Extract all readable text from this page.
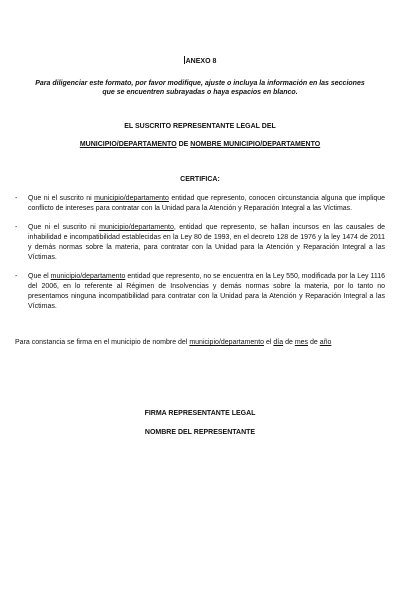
ANEXO 8
Para diligenciar este formato, por favor modifique, ajuste o incluya la información en las secciones
que se encuentren subrayadas o haya espacios en blanco.
EL SUSCRITO REPRESENTANTE LEGAL DEL
MUNICIPIO/DEPARTAMENTO DE NOMBRE MUNICIPIO/DEPARTAMENTO
CERTIFICA:
- Que ni el suscrito ni municipio/departamento entidad que represento, conocen circunstancia alguna que implique conflicto de intereses para contratar con la Unidad para la Atención y Reparación Integral a las Víctimas.
- Que ni el suscrito ni municipio/departamento, entidad que represento, se hallan incursos en las causales de inhabilidad e incompatibilidad establecidas en la Ley 80 de 1993, en el decreto 128 de 1976 y la ley 1474 de 2011 y demás normas sobre la materia, para contratar con la Unidad para la Atención y Reparación Integral a las Víctimas.
- Que el municipio/departamento entidad que represento, no se encuentra en la Ley 550, modificada por la Ley 1116 del 2006, en lo referente al Régimen de Insolvencias y demás normas sobre la materia, por lo tanto no presentamos ninguna incompatibilidad para contratar con la Unidad para la Atención y Reparación Integral a las Víctimas.
Para constancia se firma en el municipio de nombre del municipio/departamento el día de mes de año
FIRMA REPRESENTANTE LEGAL
NOMBRE DEL REPRESENTANTE
